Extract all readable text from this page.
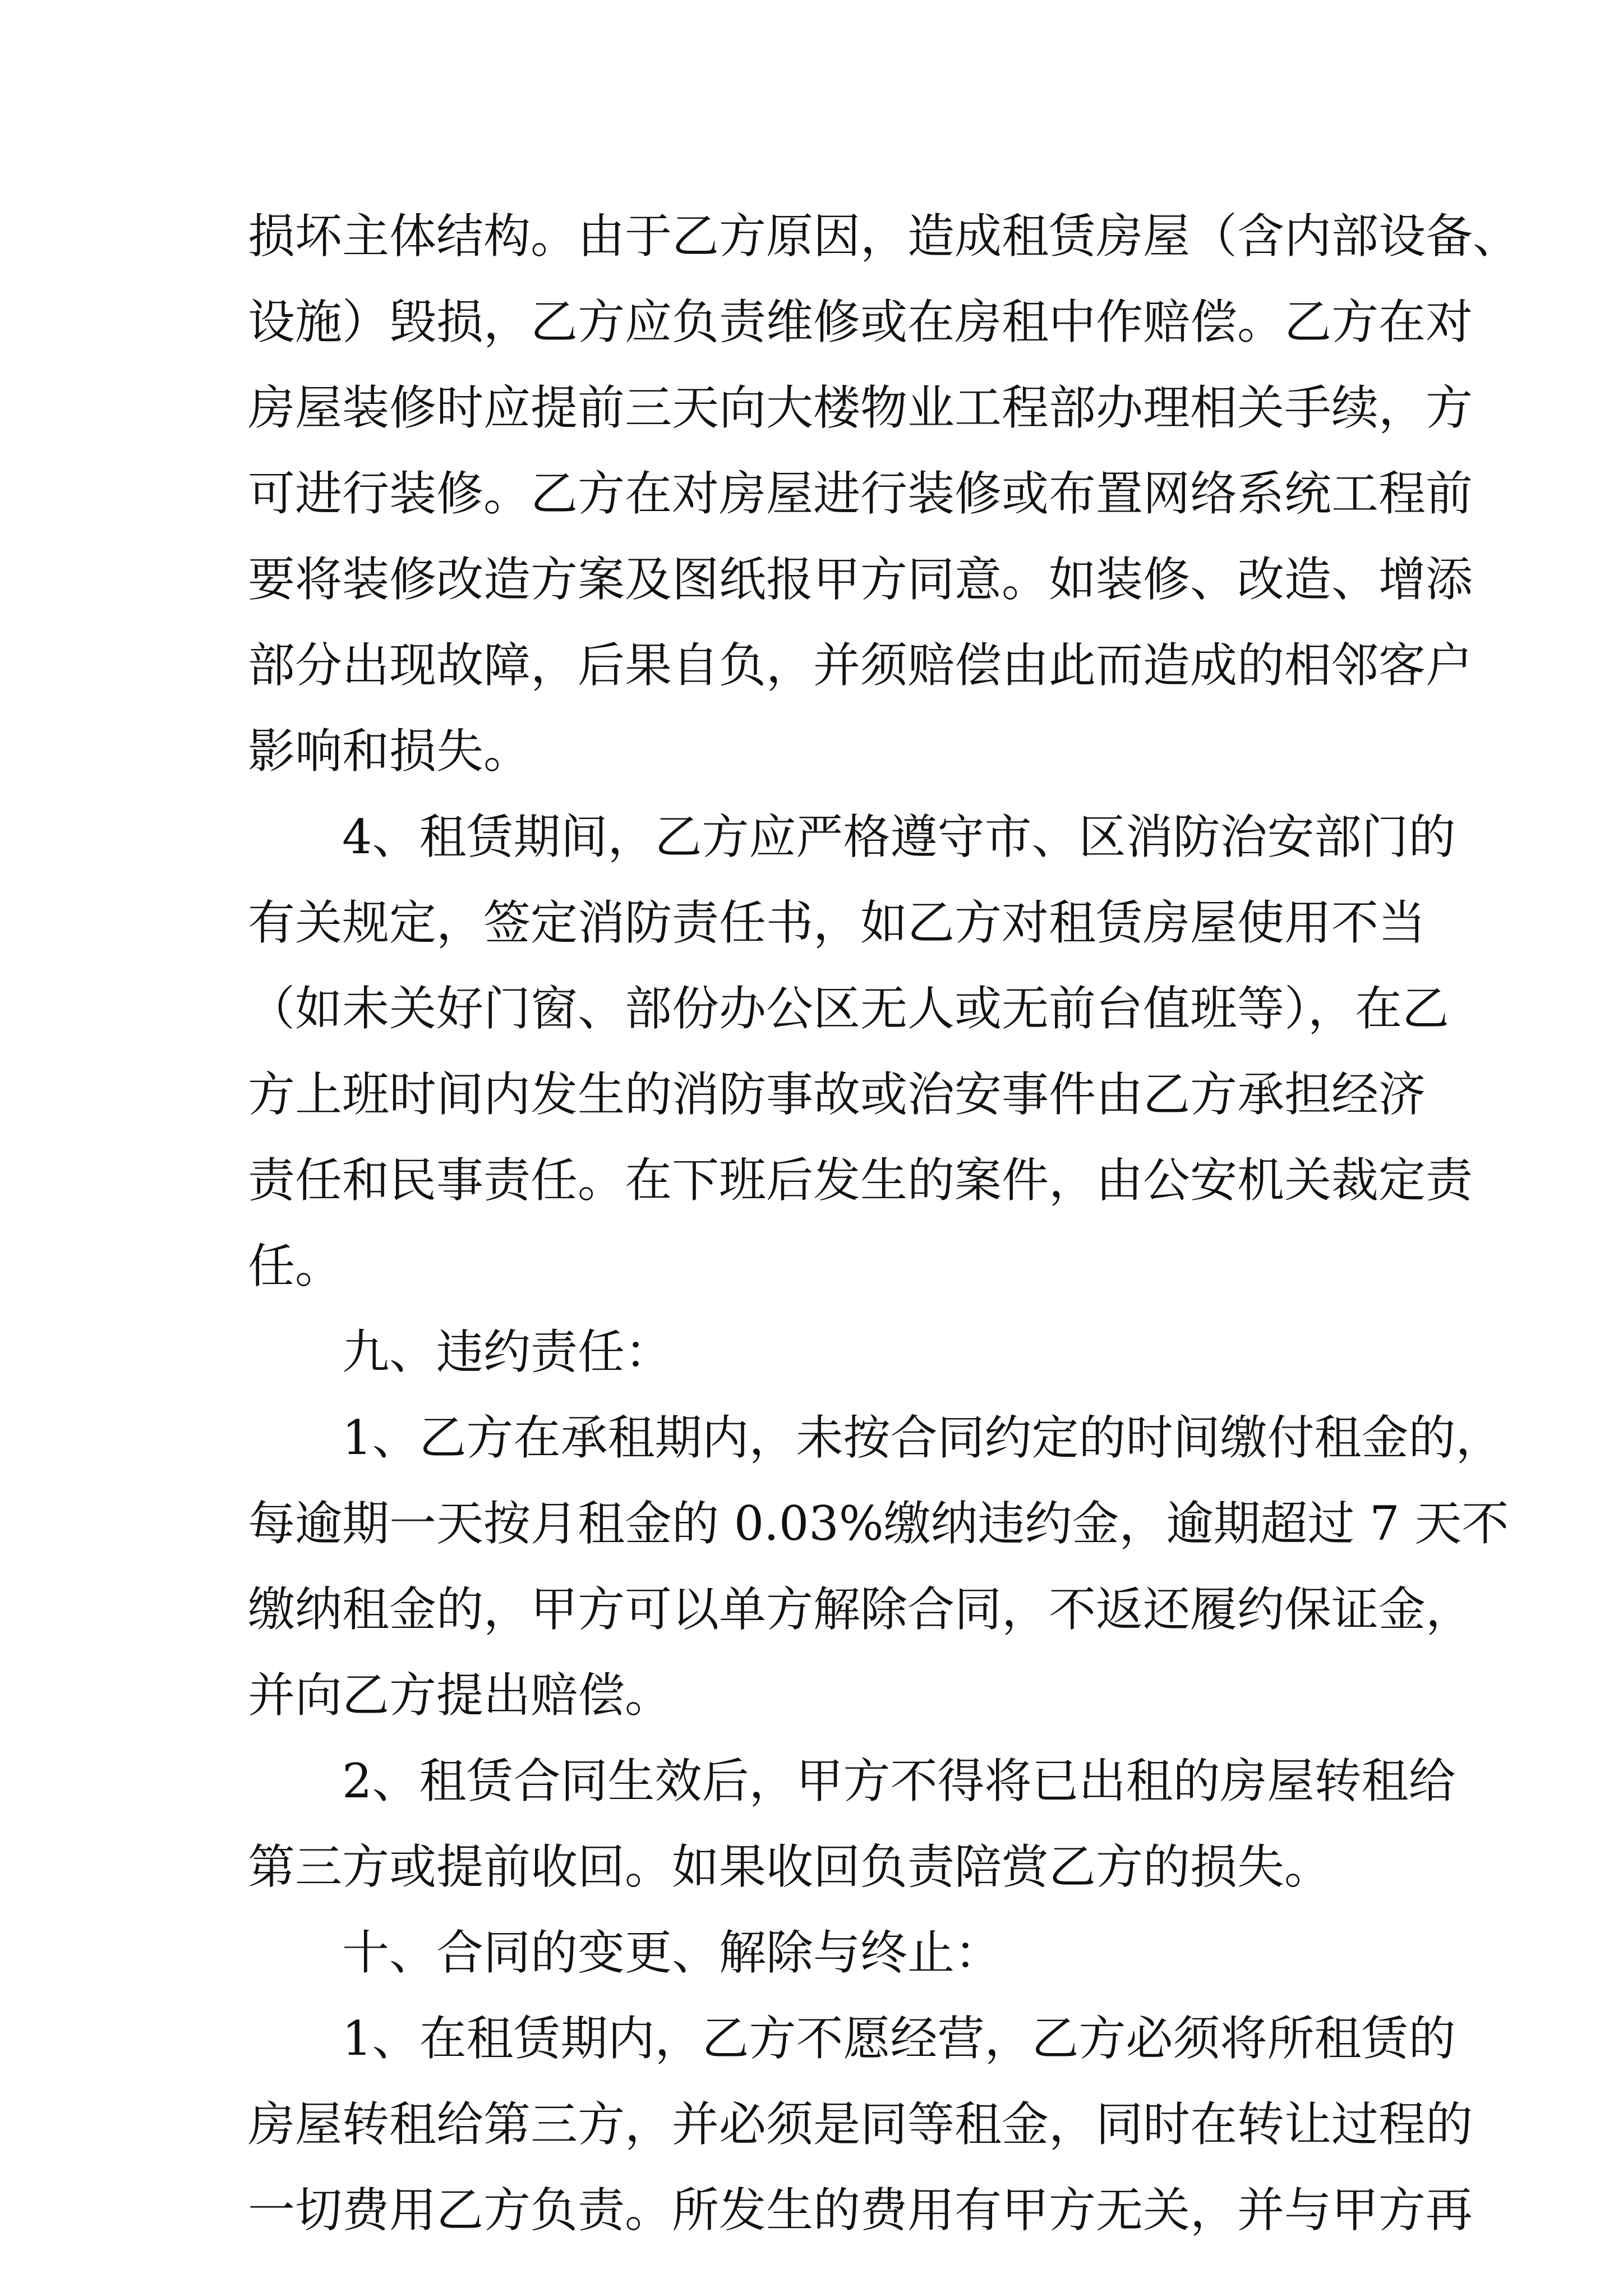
损坏主体结构。由于乙方原因，造成租赁房屋（含内部设备、
设施）毁损，乙方应负责维修或在房租中作赔偿。乙方在对
房屋装修时应提前三天向大楼物业工程部办理相关手续，方
可进行装修。乙方在对房屋进行装修或布置网络系统工程前
要将装修改造方案及图纸报甲方同意。如装修、改造、增添
部分出现故障，后果自负，并须赔偿由此而造成的相邻客户
影响和损失。
4、租赁期间，乙方应严格遵守市、区消防治安部门的
有关规定，签定消防责任书，如乙方对租赁房屋使用不当
（如未关好门窗、部份办公区无人或无前台值班等），在乙
方上班时间内发生的消防事故或治安事件由乙方承担经济
责任和民事责任。在下班后发生的案件，由公安机关裁定责
任。
九、违约责任：
1、乙方在承租期内，未按合同约定的时间缴付租金的，
每逾期一天按月租金的 0.03%缴纳违约金，逾期超过 7 天不
缴纳租金的，甲方可以单方解除合同，不返还履约保证金，
并向乙方提出赔偿。
2、租赁合同生效后，甲方不得将已出租的房屋转租给
第三方或提前收回。如果收回负责陪赏乙方的损失。
十、合同的变更、解除与终止：
1、在租赁期内，乙方不愿经营，乙方必须将所租赁的
房屋转租给第三方，并必须是同等租金，同时在转让过程的
一切费用乙方负责。所发生的费用有甲方无关，并与甲方再
